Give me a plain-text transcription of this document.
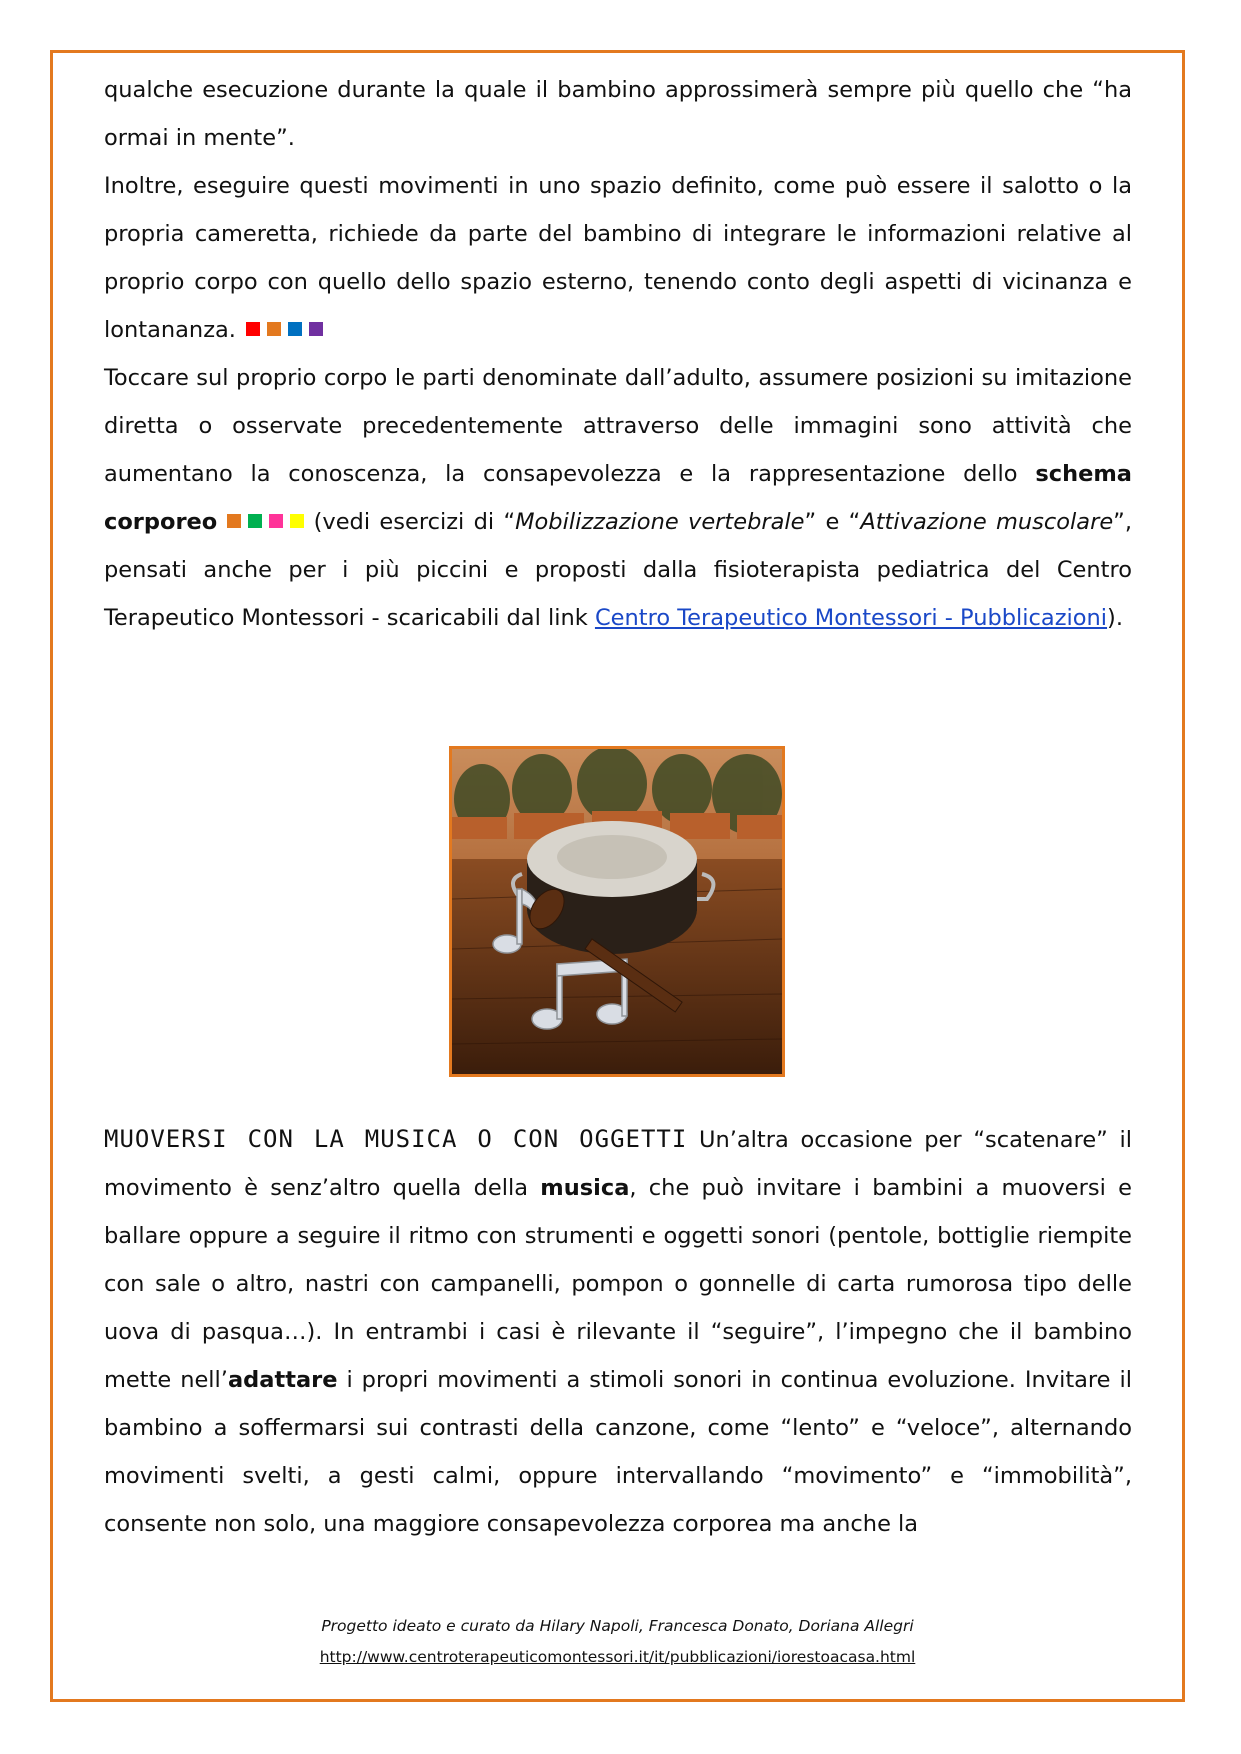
qualche esecuzione durante la quale il bambino approssimerà sempre più quello che “ha ormai in mente”.

Inoltre, eseguire questi movimenti in uno spazio definito, come può essere il salotto o la propria cameretta, richiede da parte del bambino di integrare le informazioni relative al proprio corpo con quello dello spazio esterno, tenendo conto degli aspetti di vicinanza e lontananza.

Toccare sul proprio corpo le parti denominate dall’adulto, assumere posizioni su imitazione diretta o osservate precedentemente attraverso delle immagini sono attività che aumentano la conoscenza, la consapevolezza e la rappresentazione dello schema corporeo	(vedi esercizi di “Mobilizzazione vertebrale” e “Attivazione muscolare”, pensati anche per i più piccini e proposti dalla fisioterapista pediatrica del Centro Terapeutico Montessori - scaricabili dal link Centro Terapeutico Montessori - Pubblicazioni).

MUOVERSI CON LA MUSICA O CON OGGETTI Un’altra occasione per “scatenare” il movimento è senz’altro quella della musica, che può invitare i bambini a muoversi e ballare oppure a seguire il ritmo con strumenti e oggetti sonori (pentole, bottiglie riempite con sale o altro, nastri con campanelli, pompon o gonnelle di carta rumorosa tipo delle uova di pasqua…). In entrambi i casi è rilevante il “seguire”, l’impegno che il bambino mette nell’adattare i propri movimenti a stimoli sonori in continua evoluzione. Invitare il bambino a soffermarsi sui contrasti della canzone, come “lento” e “veloce”, alternando movimenti svelti, a gesti calmi, oppure intervallando “movimento” e “immobilità”, consente non solo, una maggiore consapevolezza corporea ma anche la

Progetto ideato e curato da Hilary Napoli, Francesca Donato, Doriana Allegri
http://www.centroterapeuticomontessori.it/it/pubblicazioni/iorestoacasa.html
